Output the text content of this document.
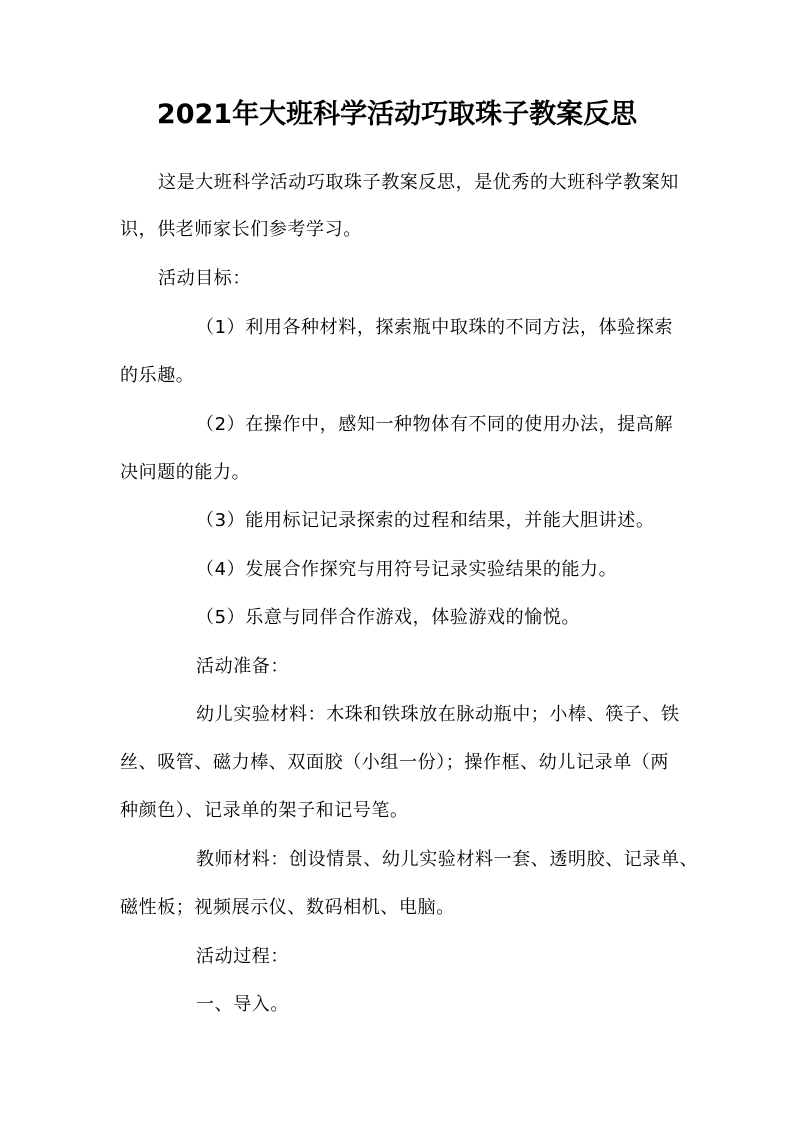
2021年大班科学活动巧取珠子教案反思
这是大班科学活动巧取珠子教案反思，是优秀的大班科学教案知
识，供老师家长们参考学习。
活动目标：
（1）利用各种材料，探索瓶中取珠的不同方法，体验探索
的乐趣。
（2）在操作中，感知一种物体有不同的使用办法，提高解
决问题的能力。
（3）能用标记记录探索的过程和结果，并能大胆讲述。
（4）发展合作探究与用符号记录实验结果的能力。
（5）乐意与同伴合作游戏，体验游戏的愉悦。
活动准备：
幼儿实验材料：木珠和铁珠放在脉动瓶中；小棒、筷子、铁
丝、吸管、磁力棒、双面胶（小组一份）；操作框、幼儿记录单（两
种颜色）、记录单的架子和记号笔。
教师材料：创设情景、幼儿实验材料一套、透明胶、记录单、
磁性板；视频展示仪、数码相机、电脑。
活动过程：
一、导入。
